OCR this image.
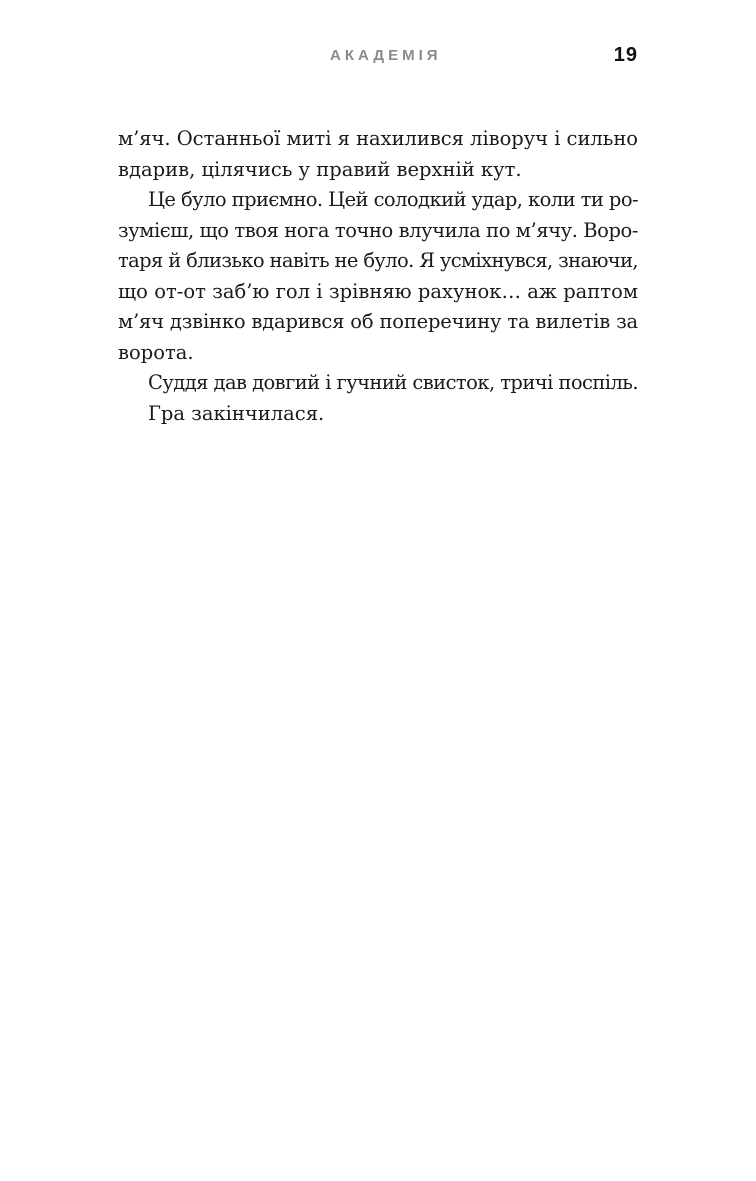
АКАДЕМІЯ	19
м’яч. Останньої миті я нахилився ліворуч і сильно
вдарив, цілячись у правий верхній кут.
Це було приємно. Цей солодкий удар, коли ти ро-
зумієш, що твоя нога точно влучила по м’ячу. Воро-
таря й близько навіть не було. Я усміхнувся, знаючи,
що от-от заб’ю гол і зрівняю рахунок… аж раптом
м’яч дзвінко вдарився об поперечину та вилетів за
ворота.
Суддя дав довгий і гучний свисток, тричі поспіль.
Гра закінчилася.
